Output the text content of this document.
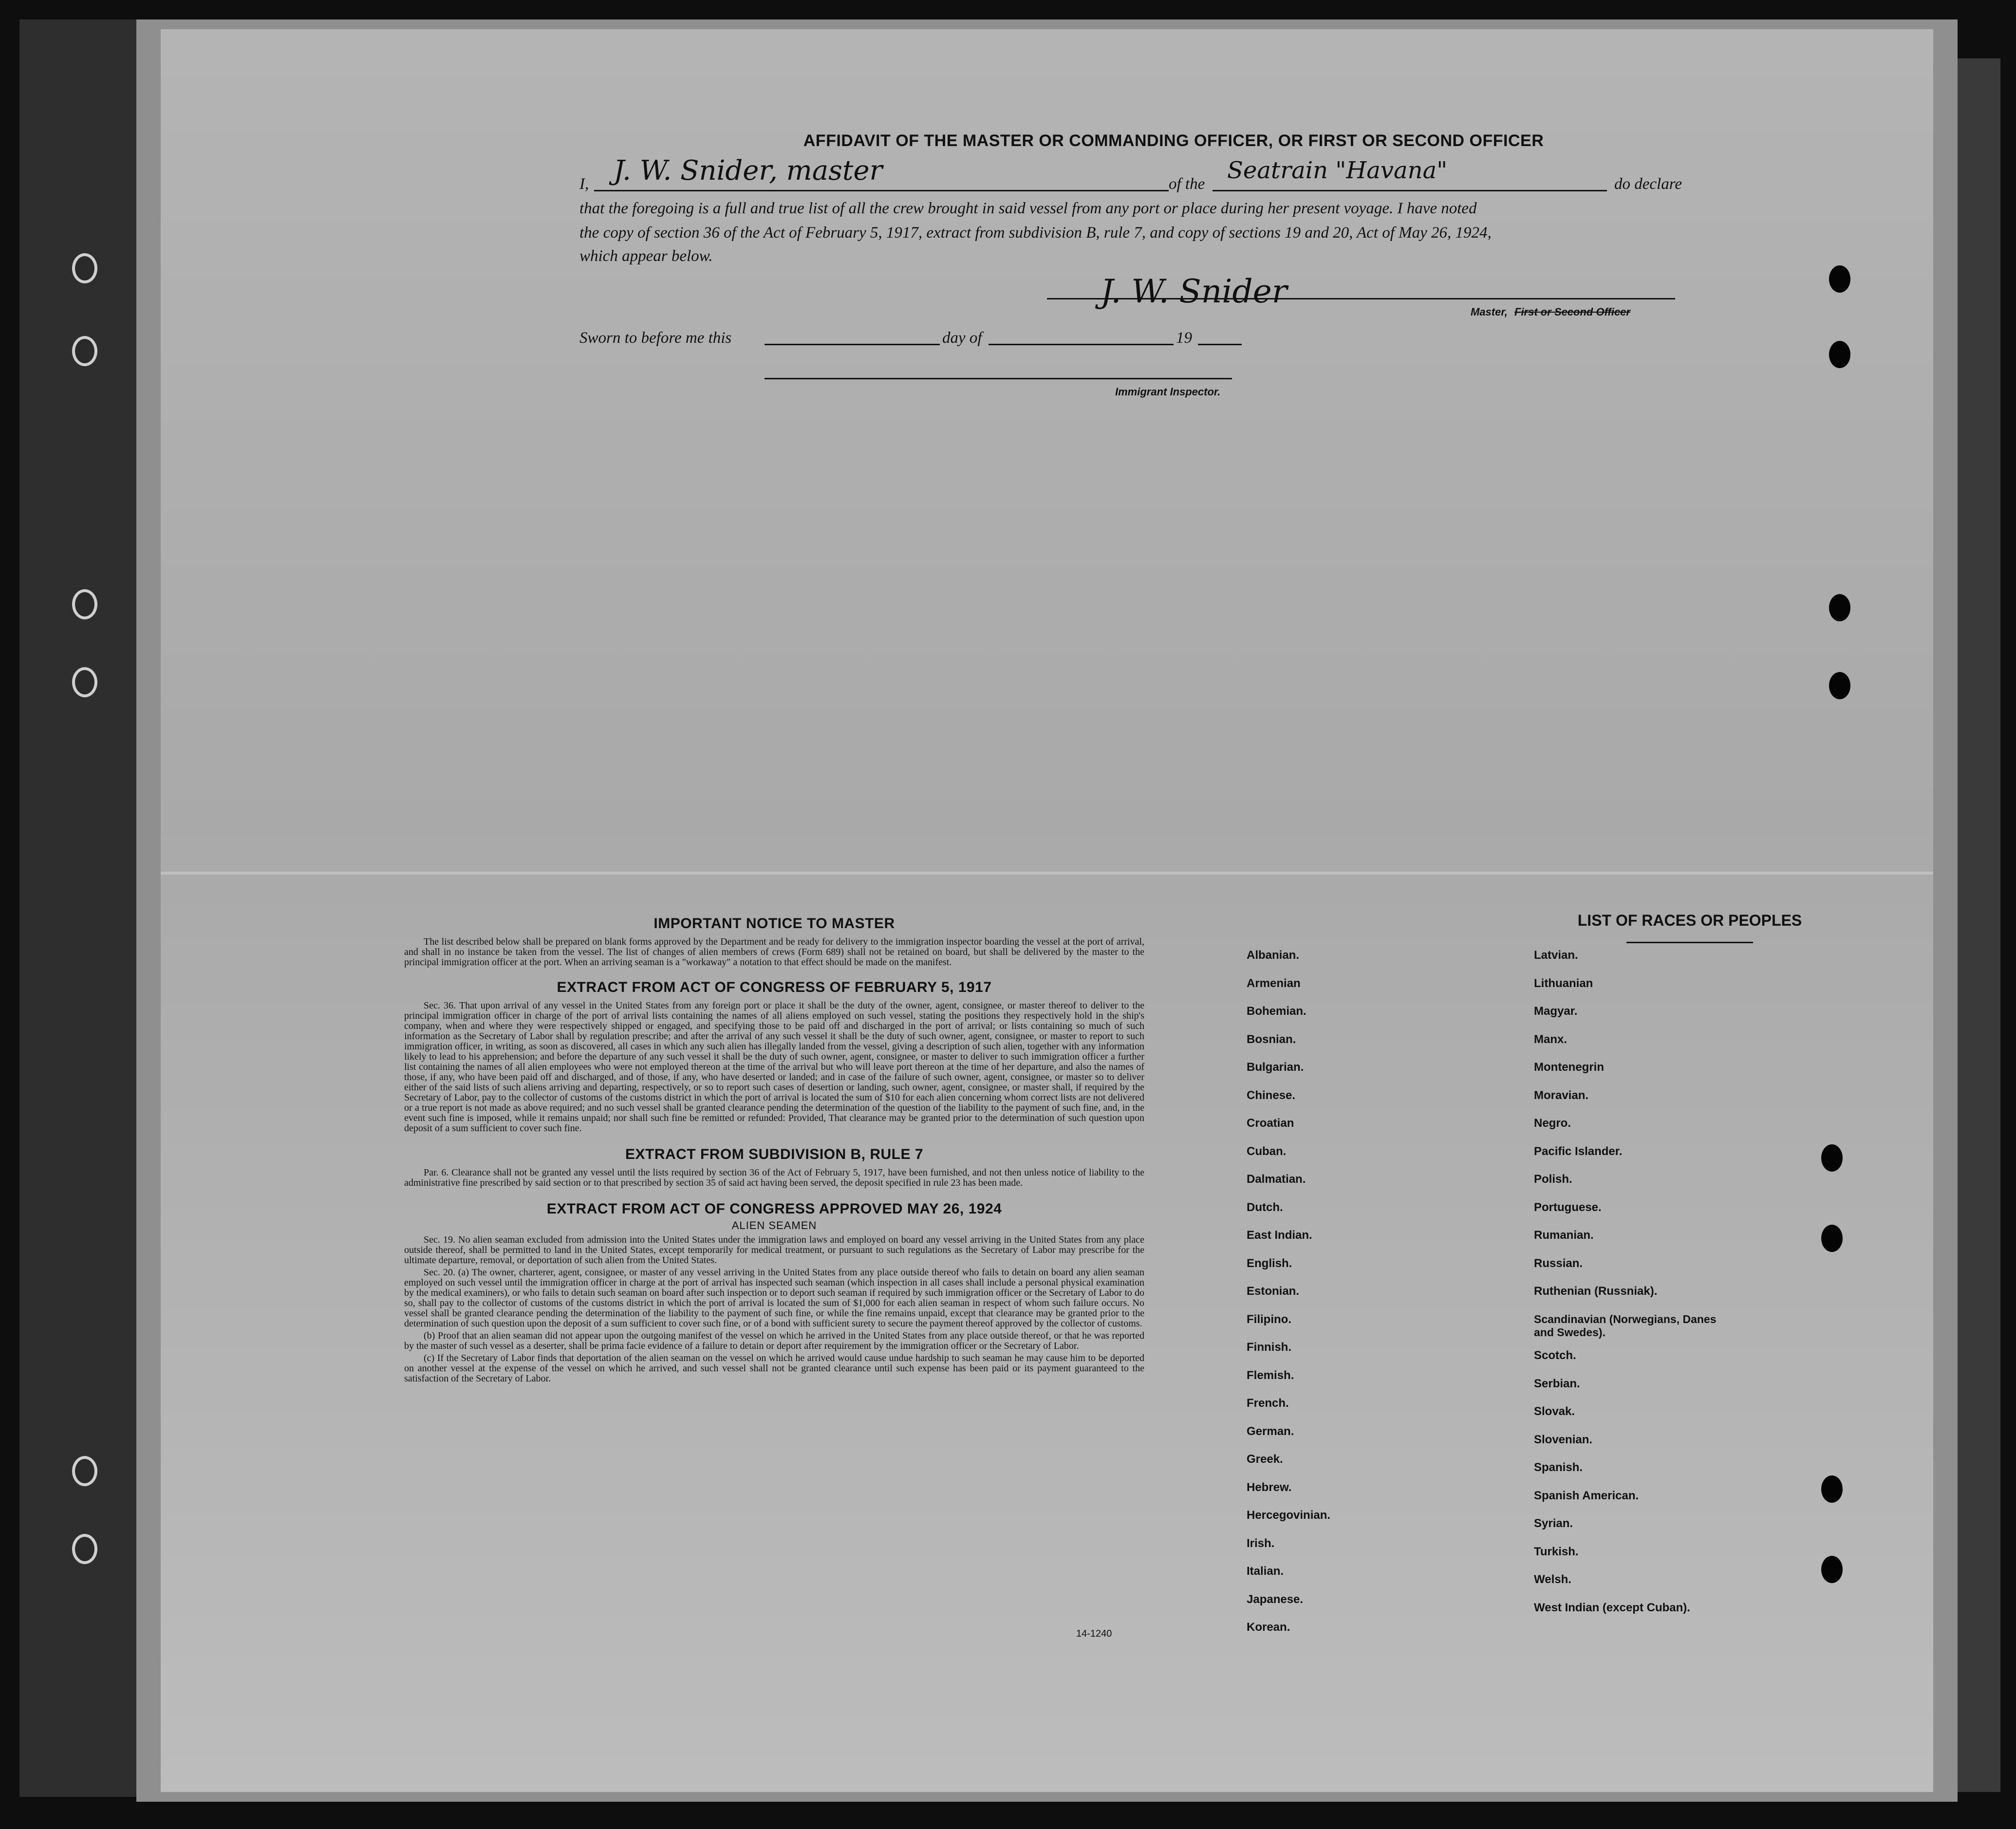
AFFIDAVIT OF THE MASTER OR COMMANDING OFFICER, OR FIRST OR SECOND OFFICER
I, J. W. Snider, master	of the Seatrain "Havana"	do declare
that the foregoing is a full and true list of all the crew brought in said vessel from any port or place during her present voyage. I have noted
the copy of section 36 of the Act of February 5, 1917, extract from subdivision B, rule 7, and copy of sections 19 and 20, Act of May 26, 1924,
which appear below.
J. W. Snider
Master, First or Second Officer
Sworn to before me this	day of	19
Immigrant Inspector.

IMPORTANT NOTICE TO MASTER

The list described below shall be prepared on blank forms approved by the Department and be ready for delivery to the immigration inspector boarding the vessel at the port of arrival, and shall in no instance be taken from the vessel. The list of changes of alien members of crews (Form 689) shall not be retained on board, but shall be delivered by the master to the principal immigration officer at the port. When an arriving seaman is a "workaway" a notation to that effect should be made on the manifest.

EXTRACT FROM ACT OF CONGRESS OF FEBRUARY 5, 1917

Sec. 36. That upon arrival of any vessel in the United States from any foreign port or place it shall be the duty of the owner, agent, consignee, or master thereof to deliver to the principal immigration officer in charge of the port of arrival lists containing the names of all aliens employed on such vessel, stating the positions they respectively hold in the ship's company, when and where they were respectively shipped or engaged, and specifying those to be paid off and discharged in the port of arrival; or lists containing so much of such information as the Secretary of Labor shall by regulation prescribe; and after the arrival of any such vessel it shall be the duty of such owner, agent, consignee, or master to report to such immigration officer, in writing, as soon as discovered, all cases in which any such alien has illegally landed from the vessel, giving a description of such alien, together with any information likely to lead to his apprehension; and before the departure of any such vessel it shall be the duty of such owner, agent, consignee, or master to deliver to such immigration officer a further list containing the names of all alien employees who were not employed thereon at the time of the arrival but who will leave port thereon at the time of her departure, and also the names of those, if any, who have been paid off and discharged, and of those, if any, who have deserted or landed; and in case of the failure of such owner, agent, consignee, or master so to deliver either of the said lists of such aliens arriving and departing, respectively, or so to report such cases of desertion or landing, such owner, agent, consignee, or master shall, if required by the Secretary of Labor, pay to the collector of customs of the customs district in which the port of arrival is located the sum of $10 for each alien concerning whom correct lists are not delivered or a true report is not made as above required; and no such vessel shall be granted clearance pending the determination of the question of the liability to the payment of such fine, and, in the event such fine is imposed, while it remains unpaid; nor shall such fine be remitted or refunded: Provided, That clearance may be granted prior to the determination of such question upon deposit of a sum sufficient to cover such fine.

EXTRACT FROM SUBDIVISION B, RULE 7

Par. 6. Clearance shall not be granted any vessel until the lists required by section 36 of the Act of February 5, 1917, have been furnished, and not then unless notice of liability to the administrative fine prescribed by said section or to that prescribed by section 35 of said act having been served, the deposit specified in rule 23 has been made.

EXTRACT FROM ACT OF CONGRESS APPROVED MAY 26, 1924

ALIEN SEAMEN

Sec. 19. No alien seaman excluded from admission into the United States under the immigration laws and employed on board any vessel arriving in the United States from any place outside thereof, shall be permitted to land in the United States, except temporarily for medical treatment, or pursuant to such regulations as the Secretary of Labor may prescribe for the ultimate departure, removal, or deportation of such alien from the United States.

Sec. 20. (a) The owner, charterer, agent, consignee, or master of any vessel arriving in the United States from any place outside thereof who fails to detain on board any alien seaman employed on such vessel until the immigration officer in charge at the port of arrival has inspected such seaman (which inspection in all cases shall include a personal physical examination by the medical examiners), or who fails to detain such seaman on board after such inspection or to deport such seaman if required by such immigration officer or the Secretary of Labor to do so, shall pay to the collector of customs of the customs district in which the port of arrival is located the sum of $1,000 for each alien seaman in respect of whom such failure occurs. No vessel shall be granted clearance pending the determination of the liability to the payment of such fine, or while the fine remains unpaid, except that clearance may be granted prior to the determination of such question upon the deposit of a sum sufficient to cover such fine, or of a bond with sufficient surety to secure the payment thereof approved by the collector of customs.

(b) Proof that an alien seaman did not appear upon the outgoing manifest of the vessel on which he arrived in the United States from any place outside thereof, or that he was reported by the master of such vessel as a deserter, shall be prima facie evidence of a failure to detain or deport after requirement by the immigration officer or the Secretary of Labor.

(c) If the Secretary of Labor finds that deportation of the alien seaman on the vessel on which he arrived would cause undue hardship to such seaman he may cause him to be deported on another vessel at the expense of the vessel on which he arrived, and such vessel shall not be granted clearance until such expense has been paid or its payment guaranteed to the satisfaction of the Secretary of Labor.

14-1240
LIST OF RACES OR PEOPLES
Albanian.
Armenian
Bohemian.
Bosnian.
Bulgarian.
Chinese.
Croatian
Cuban.
Dalmatian.
Dutch.
East Indian.
English.
Estonian.
Filipino.
Finnish.
Flemish.
French.
German.
Greek.
Hebrew.
Hercegovinian.
Irish.
Italian.
Japanese.
Korean.
Latvian.
Lithuanian
Magyar.
Manx.
Montenegrin
Moravian.
Negro.
Pacific Islander.
Polish.
Portuguese.
Rumanian.
Russian.
Ruthenian (Russniak).
Scandinavian (Norwegians, Danes and Swedes).
Scotch.
Serbian.
Slovak.
Slovenian.
Spanish.
Spanish American.
Syrian.
Turkish.
Welsh.
West Indian (except Cuban).
